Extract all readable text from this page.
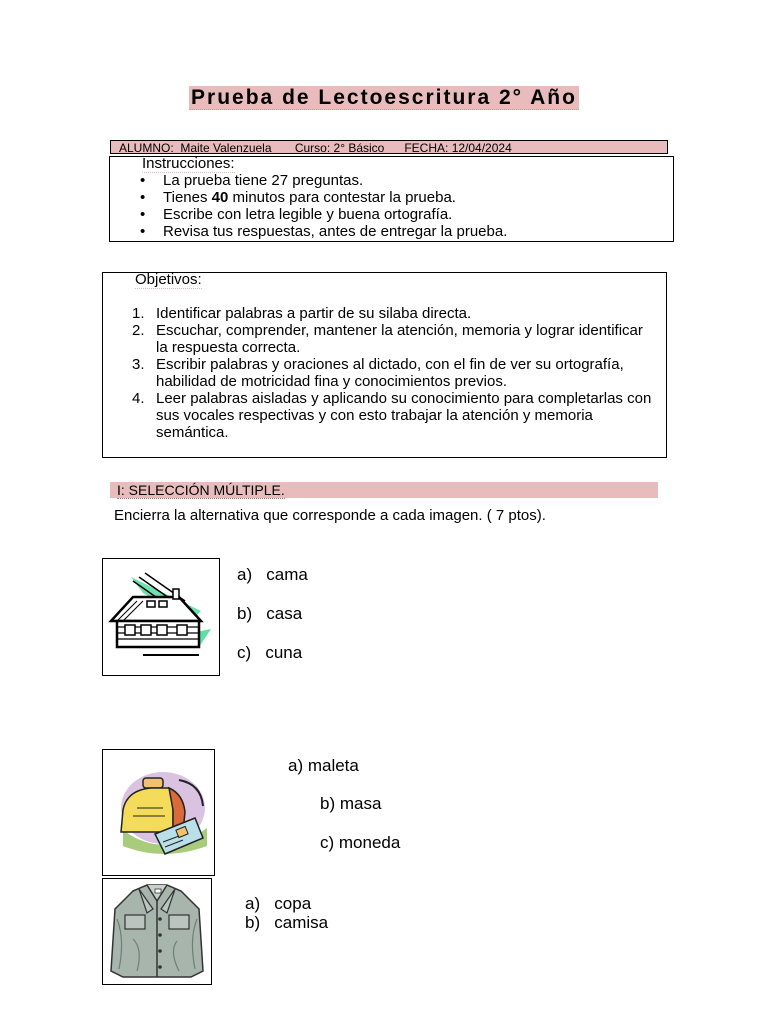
Prueba de Lectoescritura 2° Año
ALUMNO:  Maite Valenzuela       Curso: 2° Básico      FECHA: 12/04/2024
Instrucciones:
• La prueba tiene 27 preguntas.
• Tienes 40 minutos para contestar la prueba.
• Escribe con letra legible y buena ortografía.
• Revisa tus respuestas, antes de entregar la prueba.
Objetivos:
1. Identificar palabras a partir de su silaba directa.
2. Escuchar, comprender, mantener la atención, memoria y lograr identificar la respuesta correcta.
3. Escribir palabras y oraciones al dictado, con el fin de ver su ortografía, habilidad de motricidad fina y conocimientos previos.
4. Leer palabras aisladas y aplicando su conocimiento para completarlas con sus vocales respectivas y con esto trabajar la atención y memoria semántica.
I: SELECCIÓN MÚLTIPLE.
Encierra la alternativa que corresponde a cada imagen. ( 7 ptos).
a)   cama
b)   casa
c)   cuna
a) maleta
b) masa
c) moneda
a)   copa
b)   camisa
